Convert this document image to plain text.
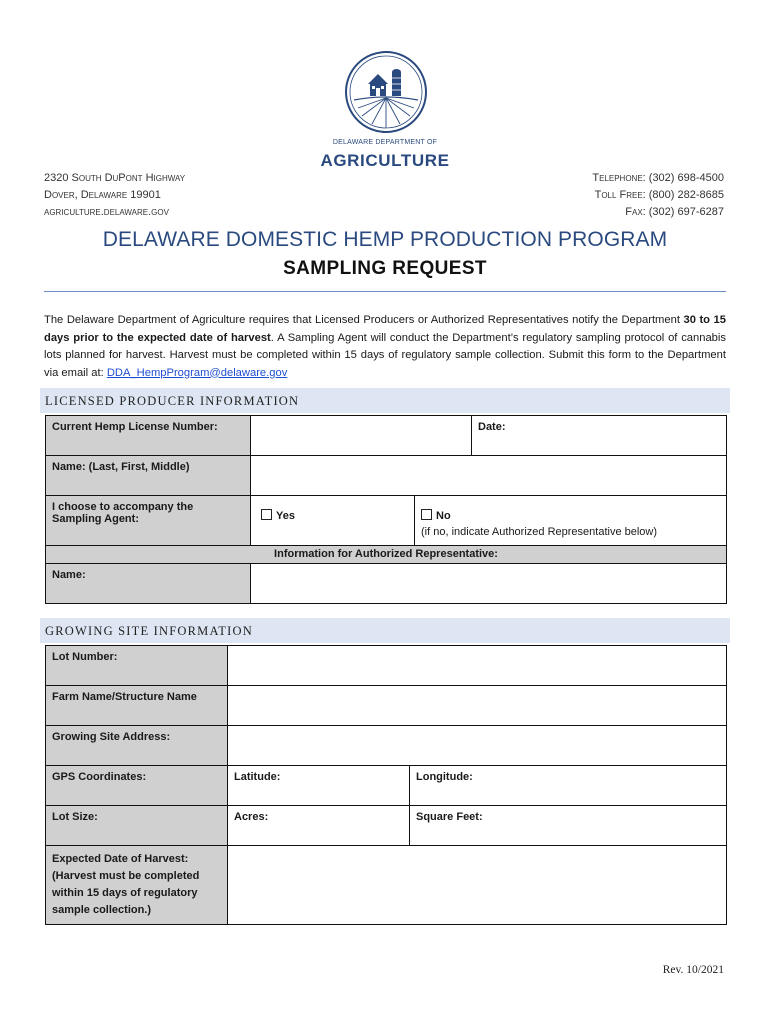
DELAWARE DEPARTMENT OF
AGRICULTURE
2320 South DuPont Highway
Dover, Delaware 19901
agriculture.delaware.gov
Telephone: (302) 698-4500
Toll Free: (800) 282-8685
Fax: (302) 697-6287
DELAWARE DOMESTIC HEMP PRODUCTION PROGRAM
SAMPLING REQUEST
The Delaware Department of Agriculture requires that Licensed Producers or Authorized Representatives notify the Department 30 to 15 days prior to the expected date of harvest. A Sampling Agent will conduct the Department’s regulatory sampling protocol of cannabis lots planned for harvest. Harvest must be completed within 15 days of regulatory sample collection. Submit this form to the Department via email at: DDA_HempProgram@delaware.gov
LICENSED PRODUCER INFORMATION
Current Hemp License Number:			Date:
Name: (Last, First, Middle)			
I choose to accompany the Sampling Agent:	Yes	No
(if no, indicate Authorized Representative below)	

Information for Authorized Representative:			
Name:			
GROWING SITE INFORMATION
Lot Number:		
Farm Name/Structure Name		
Growing Site Address:		
GPS Coordinates:	Latitude:	Longitude:
Lot Size:	Acres:	Square Feet:
Expected Date of Harvest: (Harvest must be completed within 15 days of regulatory sample collection.)		
Rev. 10/2021
